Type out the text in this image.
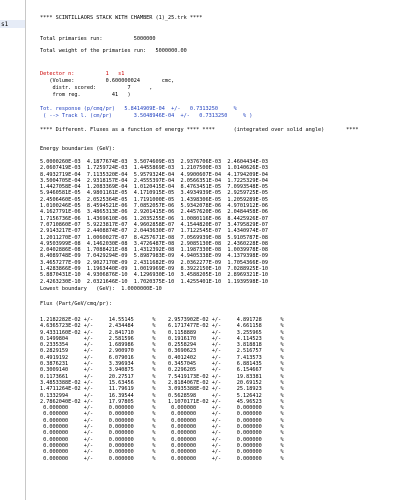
s1
**** SCINTILLAORS STACK WITH CHAMBER (1)_25.trk ****
Total primaries run:          5000000
Total weight of the primaries run:   5000000.00
Detector n:          1   s1
(Volume:          0.600000024       cmc,
distr. scored:          7      ,
from reg.          41   )
Tot. response (p/cmq/pr)   5.8414909E-04  +/-   0.7313250     %
( --> Track l. (cm/pr)       3.5048946E-04  +/-   0.7313250     % )
**** Different. Fluxes as a function of energy **** ****      (integrated over solid angle)       ****
Energy boundaries (GeV):
5.0000260E-03  4.1877674E-03  3.5074609E-03  2.9376706E-03  2.4604434E-03
2.0607419E-03  1.7259724E-03  1.4455869E-03  1.2107500E-03  1.0140626E-03
8.4932719E-04  7.1135320E-04  5.9579324E-04  4.9900607E-04  4.1794209E-04
3.5004705E-04  2.9318157E-04  2.4555397E-04  2.0566351E-04  1.7225329E-04
1.4427058E-04  1.2083369E-04  1.0120415E-04  8.4763451E-05  7.0993548E-05
5.9460581E-05  4.9801161E-05  4.1710915E-05  3.4934939E-05  2.9259725E-05
2.4506460E-05  2.0525364E-05  1.7191000E-05  1.4398306E-05  1.2059289E-05
1.0100246E-05  8.4594521E-06  7.0852057E-06  5.9342078E-06  4.9701912E-06
4.1627791E-06  3.4865313E-06  2.9201415E-06  2.4457620E-06  2.0484458E-06
1.7156736E-06  1.4369610E-06  1.2035255E-06  1.0080116E-06  8.4425926E-07
7.0710860E-07  5.9223817E-07  4.9602858E-07  4.1544820E-07  3.4795829E-07
2.9143217E-07  2.4408874E-07  2.0443630E-07  1.7122545E-07  1.4340974E-07
1.2011270E-07  1.0060027E-07  8.4257671E-08  7.0569939E-08  5.9105787E-08
4.9503999E-08  4.1462030E-08  3.4726487E-08  2.9085130E-08  2.4360228E-08
2.0402886E-08  1.7088421E-08  1.4312392E-08  1.1987330E-08  1.0039978E-08
8.4089748E-09  7.0429294E-09  5.8987983E-09  4.9405338E-09  4.1379398E-09
3.4657277E-09  2.9027170E-09  2.4311682E-09  2.0362277E-09  1.7054366E-09
1.4283866E-09  1.1963440E-09  1.0019969E-09  8.3922150E-10  7.0288925E-10
5.8870431E-10  4.9306876E-10  4.1296930E-10  3.4588205E-10  2.8969321E-10
2.4263230E-10  2.0321646E-10  1.7020375E-10  1.4255401E-10  1.1939598E-10
Lowest boundary   (GeV):  1.0000000E-10
Flux (Part/GeV/cmq/pr):
1.2182282E-02 +/-     14.55145      %    2.9573902E-02 +/-     4.891728      %
4.6365723E-02 +/-     2.434484      %    6.1717477E-02 +/-     4.661158      %
9.4331160E-02 +/-     2.841710      %    0.1158889     +/-     3.255965      %
0.1499804     +/-     2.581596      %    0.1916170     +/-     4.114523      %
0.2335354     +/-     1.689986      %    0.2558294     +/-     3.818818      %
0.2829159     +/-     2.900970      %    0.3690623     +/-     2.516757      %
0.4919192     +/-     6.079016      %    0.4012402     +/-     7.413573      %
0.3876231     +/-     3.396934      %    0.3457045     +/-     6.881435      %
0.3009140     +/-     3.940875      %    0.2296205     +/-     6.154667      %
0.1173661     +/-     20.27517      %    7.5419173E-02 +/-     19.83381      %
3.4853388E-02 +/-     15.63456      %    2.8184067E-02 +/-     20.69152      %
1.4711264E-02 +/-     11.79619      %    3.0935388E-02 +/-     25.18923      %
0.1332994     +/-     16.39544      %    0.5628598     +/-     5.126412      %
2.7862040E-02 +/-     17.97805      %    1.1070171E-02 +/-     45.96523      %
0.000000     +/-     0.000000      %     0.000000     +/-     0.000000      %
0.000000     +/-     0.000000      %     0.000000     +/-     0.000000      %
0.000000     +/-     0.000000      %     0.000000     +/-     0.000000      %
0.000000     +/-     0.000000      %     0.000000     +/-     0.000000      %
0.000000     +/-     0.000000      %     0.000000     +/-     0.000000      %
0.000000     +/-     0.000000      %     0.000000     +/-     0.000000      %
0.000000     +/-     0.000000      %     0.000000     +/-     0.000000      %
0.000000     +/-     0.000000      %     0.000000     +/-     0.000000      %
0.000000     +/-     0.000000      %     0.000000     +/-     0.000000      %
